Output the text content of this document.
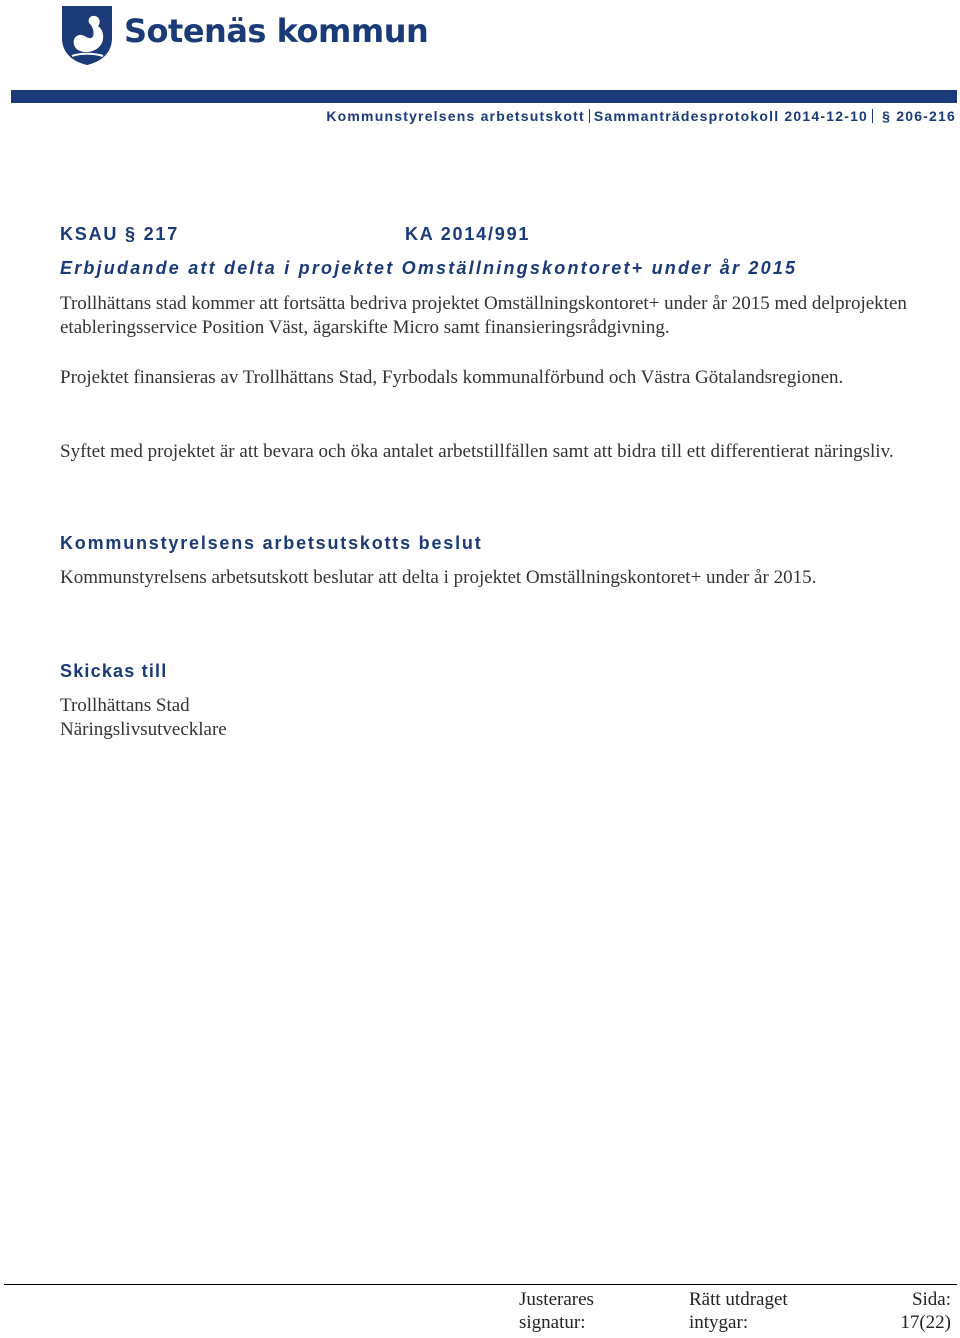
Sotenäs kommun
Kommunstyrelsens arbetsutskott Sammanträdesprotokoll 2014-12-10 § 206-216
KSAU § 217	KA 2014/991
Erbjudande att delta i projektet Omställningskontoret+ under år 2015
Trollhättans stad kommer att fortsätta bedriva projektet Omställningskontoret+ under år 2015 med delprojekten etableringsservice Position Väst, ägarskifte Micro samt finansieringsrådgivning.
Projektet finansieras av Trollhättans Stad, Fyrbodals kommunalförbund och Västra Götalandsregionen.
Syftet med projektet är att bevara och öka antalet arbetstillfällen samt att bidra till ett differentierat näringsliv.
Kommunstyrelsens arbetsutskotts beslut
Kommunstyrelsens arbetsutskott beslutar att delta i projektet Omställningskontoret+ under år 2015.
Skickas till
Trollhättans Stad
Näringslivsutvecklare
Justerares
signatur:
Rätt utdraget
intygar:
Sida:
17(22)
